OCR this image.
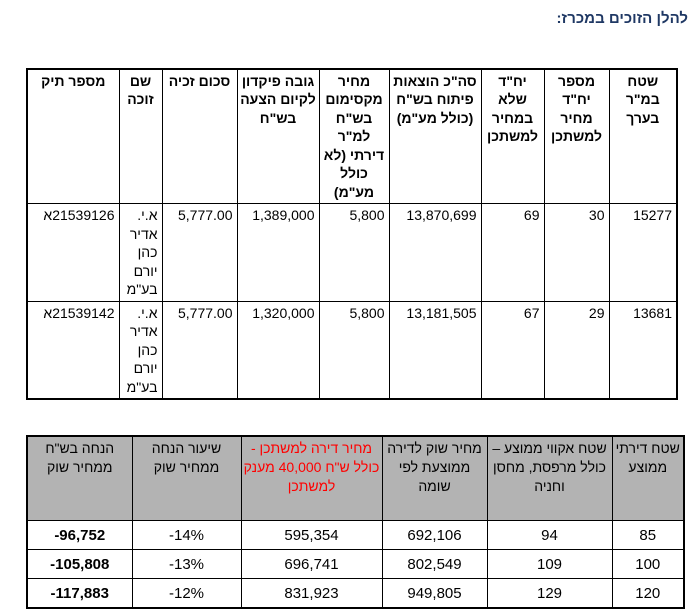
להלן הזוכים במכרז:
שטח במ"ר בערך	מספר יח"ד מחיר למשתכן	יח"ד שלא במחיר למשתכן	סה"כ הוצאות פיתוח בש"ח (כולל מע"מ)	מחיר מקסימום בש"ח למ"ר דירתי (לא כולל מע"מ)	גובה פיקדון לקיום הצעה בש"ח	סכום זכיה	שם זוכה	מספר תיק
15277	30	69	13,870,699	5,800	1,389,000	5,777.00	א.י. אדיר כהן יורם בע"מ	21539126א
13681	29	67	13,181,505	5,800	1,320,000	5,777.00	א.י. אדיר כהן יורם בע"מ	21539142א
שטח דירתי ממוצע	שטח אקווי ממוצע – כולל מרפסת, מחסן וחניה	מחיר שוק לדירה ממוצעת לפי שומה	מחיר דירה למשתכן - כולל ‪40,000 ש"ח‬ מענק למשתכן	שיעור הנחה ממחיר שוק	הנחה בש"ח ממחיר שוק
85	94	692,106	595,354	-14%	-96,752
100	109	802,549	696,741	-13%	-105,808
120	129	949,805	831,923	-12%	-117,883
